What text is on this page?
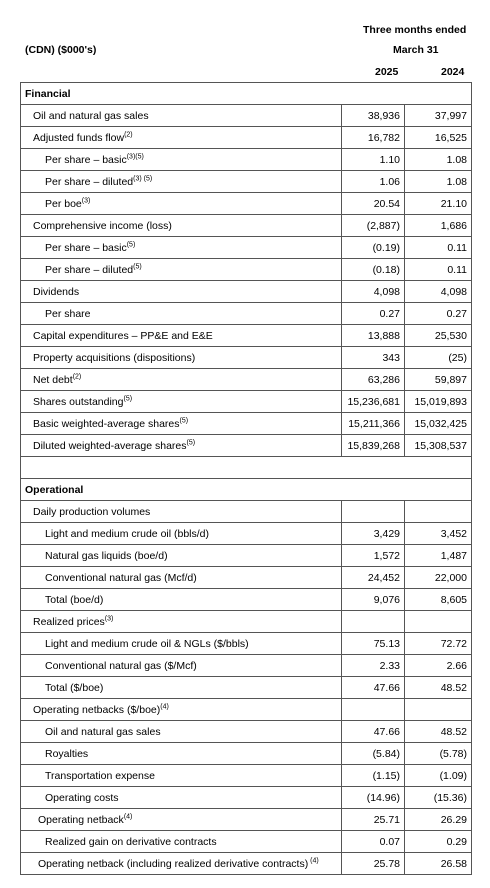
Three months ended
March 31
(CDN) ($000's)
2025	2024
Financial		
Oil and natural gas sales	38,936	37,997
Adjusted funds flow$^{(2)}$	16,782	16,525
Per share – basic$^{(3)(5)}$	1.10	1.08
Per share – diluted$^{(3) (5)}$	1.06	1.08
Per boe$^{(3)}$	20.54	21.10
Comprehensive income (loss)	(2,887)	1,686
Per share – basic$^{(5)}$	(0.19)	0.11
Per share – diluted$^{(5)}$	(0.18)	0.11
Dividends	4,098	4,098
Per share	0.27	0.27
Capital expenditures – PP&E and E&E	13,888	25,530
Property acquisitions (dispositions)	343	(25)
Net debt$^{(2)}$	63,286	59,897
Shares outstanding$^{(5)}$	15,236,681	15,019,893
Basic weighted-average shares$^{(5)}$	15,211,366	15,032,425
Diluted weighted-average shares$^{(5)}$	15,839,268	15,308,537

Operational		
Daily production volumes		
Light and medium crude oil (bbls/d)	3,429	3,452
Natural gas liquids (boe/d)	1,572	1,487
Conventional natural gas (Mcf/d)	24,452	22,000
Total (boe/d)	9,076	8,605
Realized prices$^{(3)}$		
Light and medium crude oil & NGLs ($/bbls)	75.13	72.72
Conventional natural gas ($/Mcf)	2.33	2.66
Total ($/boe)	47.66	48.52
Operating netbacks ($/boe)$^{(4)}$		
Oil and natural gas sales	47.66	48.52
Royalties	(5.84)	(5.78)
Transportation expense	(1.15)	(1.09)
Operating costs	(14.96)	(15.36)
Operating netback$^{(4)}$	25.71	26.29
Realized gain on derivative contracts	0.07	0.29
Operating netback (including realized derivative contracts) $^{(4)}$	25.78	26.58
